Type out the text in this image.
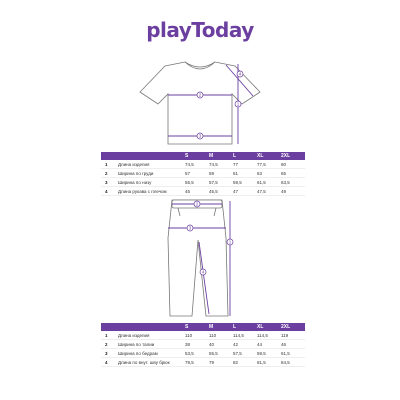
playToday
1
2
3
4
		S	M	L	XL	2XL
1	Длина изделия	74,5	74,5	77	77,5	80
2	Ширина по груди	57	59	61	63	65
3	Ширина по низу	55,5	57,5	59,5	61,5	63,5
4	Длина рукава с плечом	45	45,5	47	47,5	49
1
2
3
4
		S	M	L	XL	2XL
1	Длина изделия	110	110	114,5	114,5	119
2	Ширина по талии	38	40	42	44	46
3	Ширина по бедрам	53,5	55,5	57,5	59,5	61,5
4	Длина по внут. шву брюк	79,5	79	82	81,5	84,5
